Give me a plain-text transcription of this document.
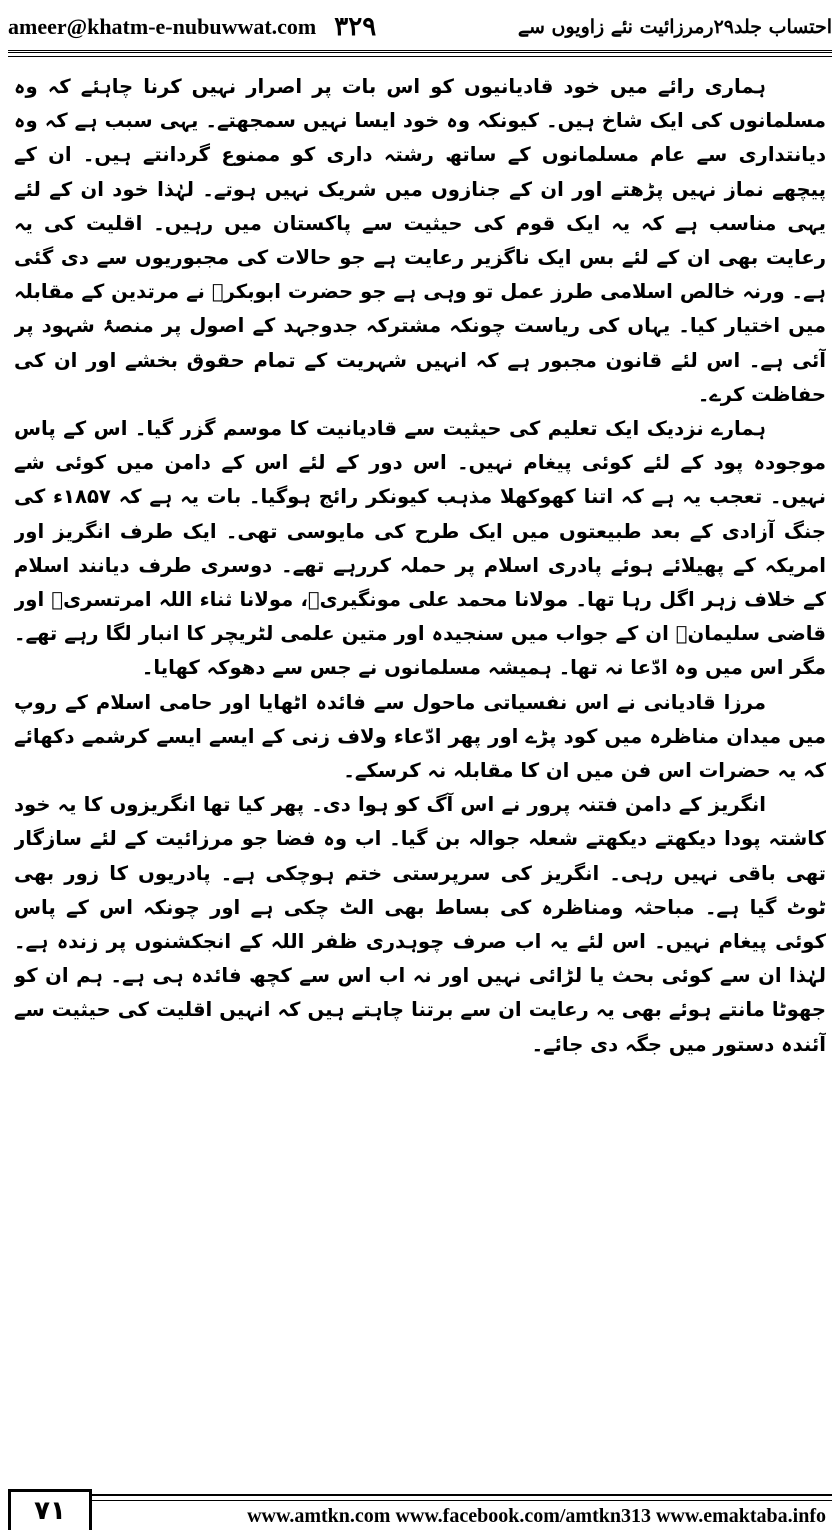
ameer@khatm-e-nubuwwat.com ۳۲۹	احتساب جلد۲۹رمرزائیت نئے زاویوں سے

ہماری رائے میں خود قادیانیوں کو اس بات پر اصرار نہیں کرنا چاہئے کہ وہ مسلمانوں کی ایک شاخ ہیں۔ کیونکہ وہ خود ایسا نہیں سمجھتے۔ یہی سبب ہے کہ وہ دیانتداری سے عام مسلمانوں کے ساتھ رشتہ داری کو ممنوع گردانتے ہیں۔ ان کے پیچھے نماز نہیں پڑھتے اور ان کے جنازوں میں شریک نہیں ہوتے۔ لہٰذا خود ان کے لئے یہی مناسب ہے کہ یہ ایک قوم کی حیثیت سے پاکستان میں رہیں۔ اقلیت کی یہ رعایت بھی ان کے لئے بس ایک ناگزیر رعایت ہے جو حالات کی مجبوریوں سے دی گئی ہے۔ ورنہ خالص اسلامی طرز عمل تو وہی ہے جو حضرت ابوبکرؓ نے مرتدین کے مقابلہ میں اختیار کیا۔ یہاں کی ریاست چونکہ مشترکہ جدوجہد کے اصول پر منصۂ شہود پر آئی ہے۔ اس لئے قانون مجبور ہے کہ انہیں شہریت کے تمام حقوق بخشے اور ان کی حفاظت کرے۔

ہمارے نزدیک ایک تعلیم کی حیثیت سے قادیانیت کا موسم گزر گیا۔ اس کے پاس موجودہ پود کے لئے کوئی پیغام نہیں۔ اس دور کے لئے اس کے دامن میں کوئی شے نہیں۔ تعجب یہ ہے کہ اتنا کھوکھلا مذہب کیونکر رائج ہوگیا۔ بات یہ ہے کہ ۱۸۵۷ء کی جنگ آزادی کے بعد طبیعتوں میں ایک طرح کی مایوسی تھی۔ ایک طرف انگریز اور امریکہ کے پھیلائے ہوئے پادری اسلام پر حملہ کررہے تھے۔ دوسری طرف دیانند اسلام کے خلاف زہر اگل رہا تھا۔ مولانا محمد علی مونگیریؒ، مولانا ثناء اللہ امرتسریؒ اور قاضی سلیمانؒ ان کے جواب میں سنجیدہ اور متین علمی لٹریچر کا انبار لگا رہے تھے۔ مگر اس میں وہ ادّعا نہ تھا۔ ہمیشہ مسلمانوں نے جس سے دھوکہ کھایا۔

مرزا قادیانی نے اس نفسیاتی ماحول سے فائدہ اٹھایا اور حامی اسلام کے روپ میں میدان مناظرہ میں کود پڑے اور پھر ادّعاء ولاف زنی کے ایسے ایسے کرشمے دکھائے کہ یہ حضرات اس فن میں ان کا مقابلہ نہ کرسکے۔

انگریز کے دامن فتنہ پرور نے اس آگ کو ہوا دی۔ پھر کیا تھا انگریزوں کا یہ خود کاشتہ پودا دیکھتے دیکھتے شعلہ جوالہ بن گیا۔ اب وہ فضا جو مرزائیت کے لئے سازگار تھی باقی نہیں رہی۔ انگریز کی سرپرستی ختم ہوچکی ہے۔ پادریوں کا زور بھی ٹوٹ گیا ہے۔ مباحثہ ومناظرہ کی بساط بھی الٹ چکی ہے اور چونکہ اس کے پاس کوئی پیغام نہیں۔ اس لئے یہ اب صرف چوہدری ظفر اللہ کے انجکشنوں پر زندہ ہے۔ لہٰذا ان سے کوئی بحث یا لڑائی نہیں اور نہ اب اس سے کچھ فائدہ ہی ہے۔ ہم ان کو جھوٹا مانتے ہوئے بھی یہ رعایت ان سے برتنا چاہتے ہیں کہ انہیں اقلیت کی حیثیت سے آئندہ دستور میں جگہ دی جائے۔

۷۱	www.amtkn.com www.facebook.com/amtkn313 www.emaktaba.info
